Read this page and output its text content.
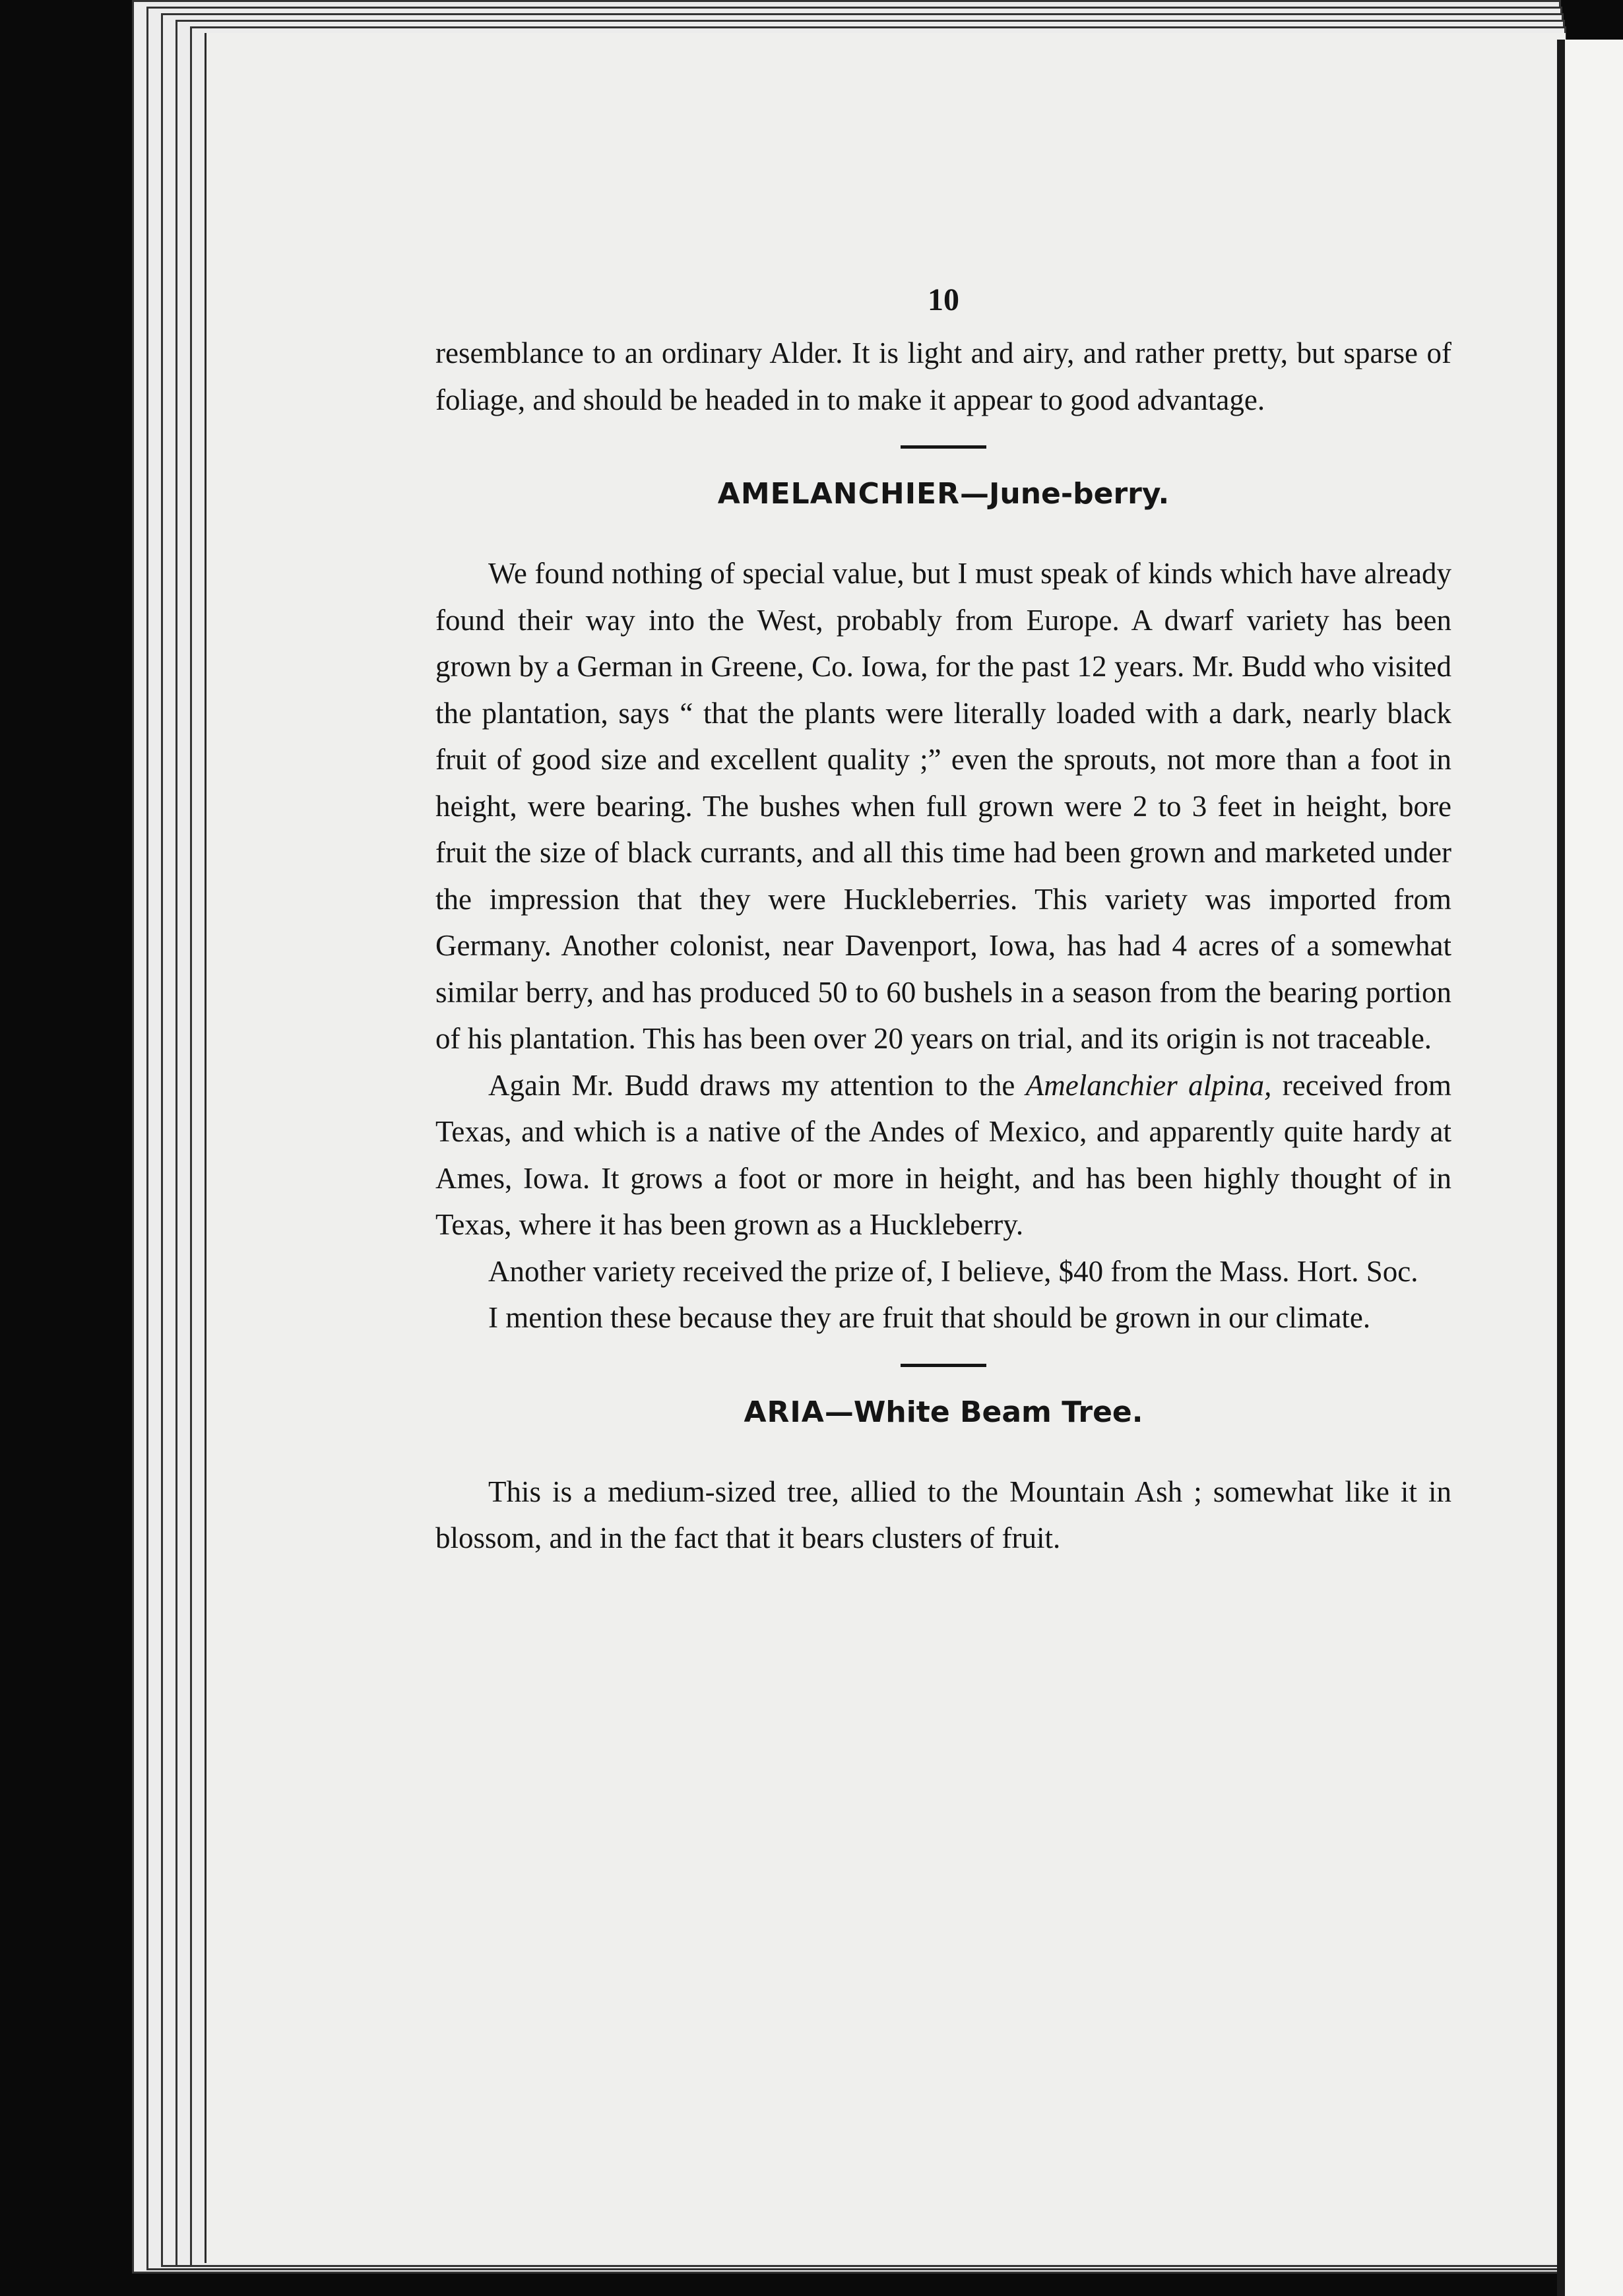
10

resemblance to an ordinary Alder. It is light and airy, and rather pretty, but sparse of foliage, and should be headed in to make it appear to good advantage.

AMELANCHIER—June-berry.

We found nothing of special value, but I must speak of kinds which have already found their way into the West, probably from Europe. A dwarf variety has been grown by a German in Greene, Co. Iowa, for the past 12 years. Mr. Budd who visited the plantation, says “ that the plants were literally loaded with a dark, nearly black fruit of good size and excellent quality ;” even the sprouts, not more than a foot in height, were bearing. The bushes when full grown were 2 to 3 feet in height, bore fruit the size of black currants, and all this time had been grown and marketed under the impression that they were Huckleberries. This variety was imported from Germany. Another colonist, near Davenport, Iowa, has had 4 acres of a somewhat similar berry, and has produced 50 to 60 bushels in a season from the bearing portion of his plantation. This has been over 20 years on trial, and its origin is not traceable.

Again Mr. Budd draws my attention to the Amelanchier alpina, received from Texas, and which is a native of the Andes of Mexico, and apparently quite hardy at Ames, Iowa. It grows a foot or more in height, and has been highly thought of in Texas, where it has been grown as a Huckleberry.

Another variety received the prize of, I believe, $40 from the Mass. Hort. Soc.

I mention these because they are fruit that should be grown in our climate.

ARIA—White Beam Tree.

This is a medium-sized tree, allied to the Mountain Ash ; somewhat like it in blossom, and in the fact that it bears clusters of fruit.
